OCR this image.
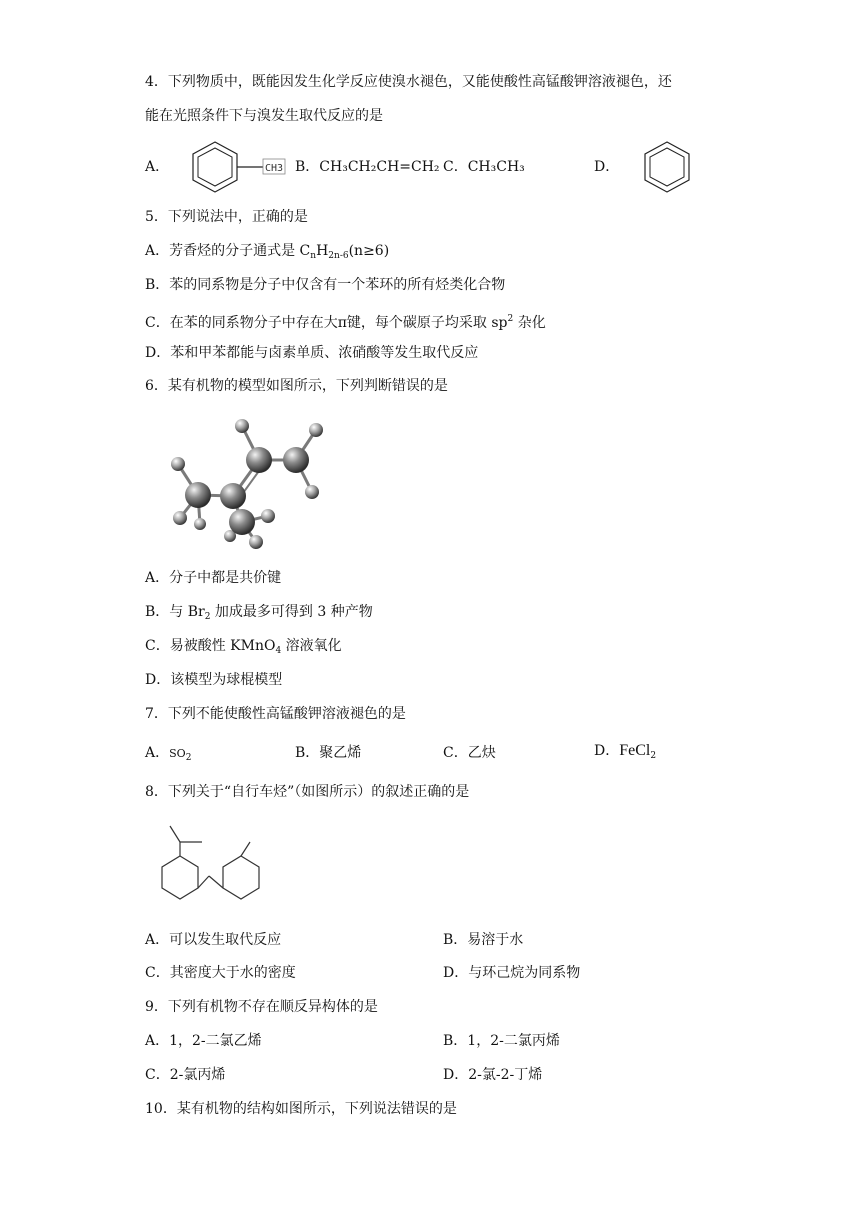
4．下列物质中，既能因发生化学反应使溴水褪色，又能使酸性高锰酸钾溶液褪色，还
能在光照条件下与溴发生取代反应的是
A．	CH3 B．CH₃CH₂CH=CH₂ C．CH₃CH₃	D．
5．下列说法中，正确的是
A．芳香烃的分子通式是 $C_nH_{2n-6}(n\ge 6)$
B．苯的同系物是分子中仅含有一个苯环的所有烃类化合物
C．在苯的同系物分子中存在大π键，每个碳原子均采取 $sp^2$ 杂化
D．苯和甲苯都能与卤素单质、浓硝酸等发生取代反应
6．某有机物的模型如图所示，下列判断错误的是
A．分子中都是共价键
B．与 $Br_2$ 加成最多可得到 3 种产物
C．易被酸性 KMnO$_4$ 溶液氧化
D．该模型为球棍模型
7．下列不能使酸性高锰酸钾溶液褪色的是
A．$SO_2$	B．聚乙烯	C．乙炔	D．FeCl$_2$
8．下列关于“自行车烃”（如图所示）的叙述正确的是
A．可以发生取代反应	B．易溶于水
C．其密度大于水的密度	D．与环己烷为同系物
9．下列有机物不存在顺反异构体的是
A．1，2-二氯乙烯	B．1，2-二氯丙烯
C．2-氯丙烯	D．2-氯-2-丁烯
10．某有机物的结构如图所示，下列说法错误的是
